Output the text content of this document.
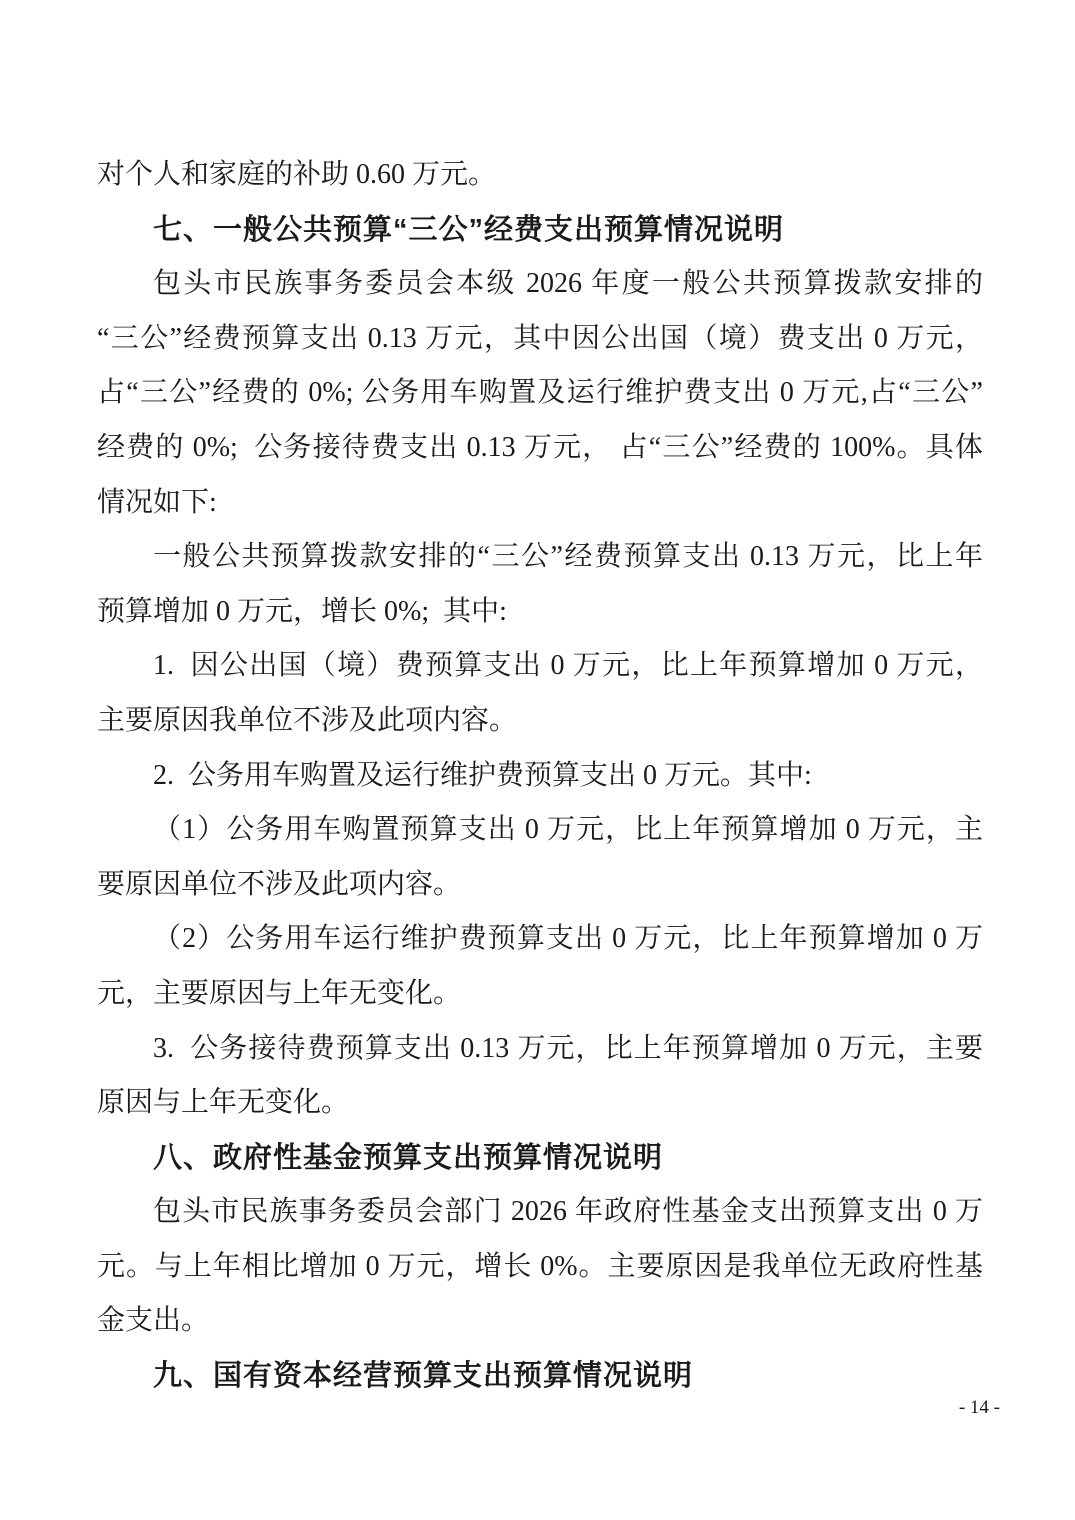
对个人和家庭的补助 0.60 万元。
七、一般公共预算“三公”经费支出预算情况说明
包头市民族事务委员会本级 2026 年度一般公共预算拨款安排的
“三公”经费预算支出 0.13 万元，其中因公出国（境）费支出 0 万元，
占“三公”经费的 0%; 公务用车购置及运行维护费支出 0 万元,占“三公”
经费的 0%;  公务接待费支出 0.13 万元， 占“三公”经费的 100%。具体
情况如下:
一般公共预算拨款安排的“三公”经费预算支出 0.13 万元，比上年
预算增加 0 万元，增长 0%;  其中:
1.  因公出国（境）费预算支出 0 万元，比上年预算增加 0 万元，
主要原因我单位不涉及此项内容。
2.  公务用车购置及运行维护费预算支出 0 万元。其中:
（1）公务用车购置预算支出 0 万元，比上年预算增加 0 万元，主
要原因单位不涉及此项内容。
（2）公务用车运行维护费预算支出 0 万元，比上年预算增加 0 万
元，主要原因与上年无变化。
3.  公务接待费预算支出 0.13 万元，比上年预算增加 0 万元，主要
原因与上年无变化。
八、政府性基金预算支出预算情况说明
包头市民族事务委员会部门 2026 年政府性基金支出预算支出 0 万
元。与上年相比增加 0 万元，增长 0%。主要原因是我单位无政府性基
金支出。
九、国有资本经营预算支出预算情况说明
- 14 -
